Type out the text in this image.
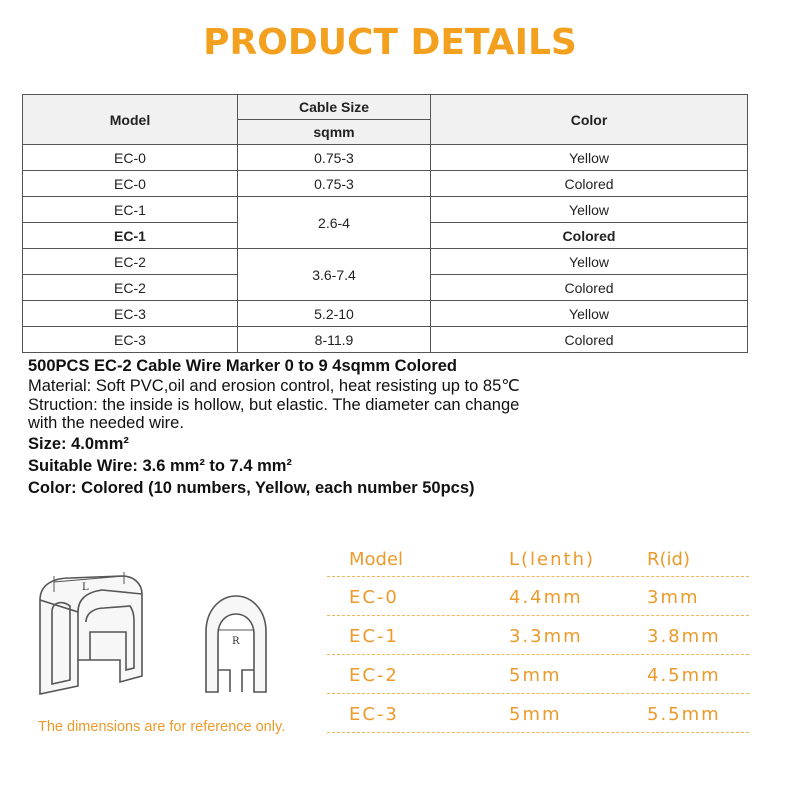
PRODUCT DETAILS
Model	Cable Size	Color
	sqmm	
EC-0	0.75-3	Yellow
EC-0	0.75-3	Colored
EC-1	2.6-4	Yellow
EC-1		Colored
EC-2	3.6-7.4	Yellow
EC-2		Colored
EC-3	5.2-10	Yellow
EC-3	8-11.9	Colored

500PCS EC-2 Cable Wire Marker 0 to 9 4sqmm Colored

Material: Soft PVC,oil and erosion control, heat resisting up to 85℃

Struction: the inside is hollow, but elastic. The diameter can change

with the needed wire.

Size: 4.0mm²

Suitable Wire: 3.6 mm² to 7.4 mm²

Color: Colored (10 numbers, Yellow, each number 50pcs)

L
R
Model	L(lenth)	R(id)
EC-0	4.4mm	3mm
EC-1	3.3mm	3.8mm
EC-2	5mm	4.5mm
EC-3	5mm	5.5mm
The dimensions are for reference only.
